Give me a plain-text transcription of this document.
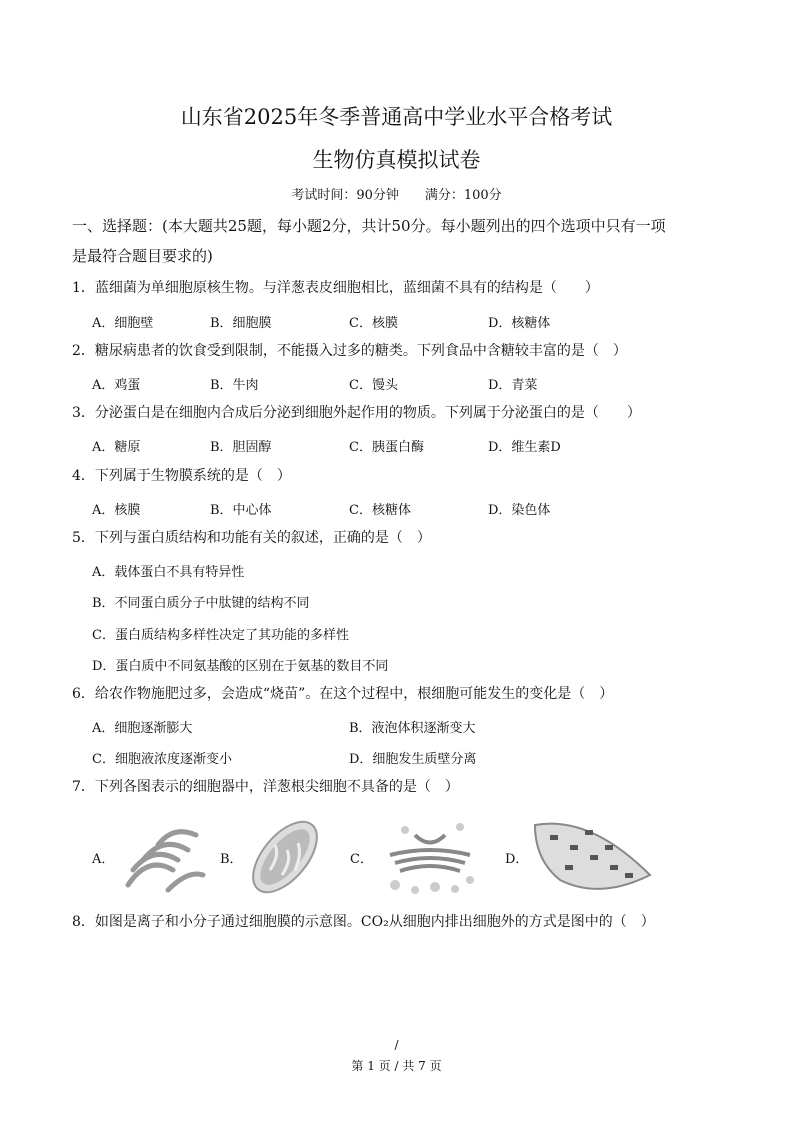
山东省2025年冬季普通高中学业水平合格考试
生物仿真模拟试卷
考试时间：90分钟　　满分：100分
一、选择题：(本大题共25题，每小题2分，共计50分。每小题列出的四个选项中只有一项
是最符合题目要求的)
1．蓝细菌为单细胞原核生物。与洋葱表皮细胞相比，蓝细菌不具有的结构是（　　）
A．细胞壁	B．细胞膜	C．核膜	D．核糖体
2．糖尿病患者的饮食受到限制，不能摄入过多的糖类。下列食品中含糖较丰富的是（　）
A．鸡蛋	B．牛肉	C．馒头	D．青菜
3．分泌蛋白是在细胞内合成后分泌到细胞外起作用的物质。下列属于分泌蛋白的是（　　）
A．糖原	B．胆固醇	C．胰蛋白酶	D．维生素D
4．下列属于生物膜系统的是（　）
A．核膜	B．中心体	C．核糖体	D．染色体
5．下列与蛋白质结构和功能有关的叙述，正确的是（　）
A．载体蛋白不具有特异性
B．不同蛋白质分子中肽键的结构不同
C．蛋白质结构多样性决定了其功能的多样性
D．蛋白质中不同氨基酸的区别在于氨基的数目不同
6．给农作物施肥过多，会造成“烧苗”。在这个过程中，根细胞可能发生的变化是（　）
A．细胞逐渐膨大	B．液泡体积逐渐变大
C．细胞液浓度逐渐变小	D．细胞发生质壁分离
7．下列各图表示的细胞器中，洋葱根尖细胞不具备的是（　）
A．	B．	C．	D．
8．如图是离子和小分子通过细胞膜的示意图。CO₂从细胞内排出细胞外的方式是图中的（　）
/
第 1 页 / 共 7 页
